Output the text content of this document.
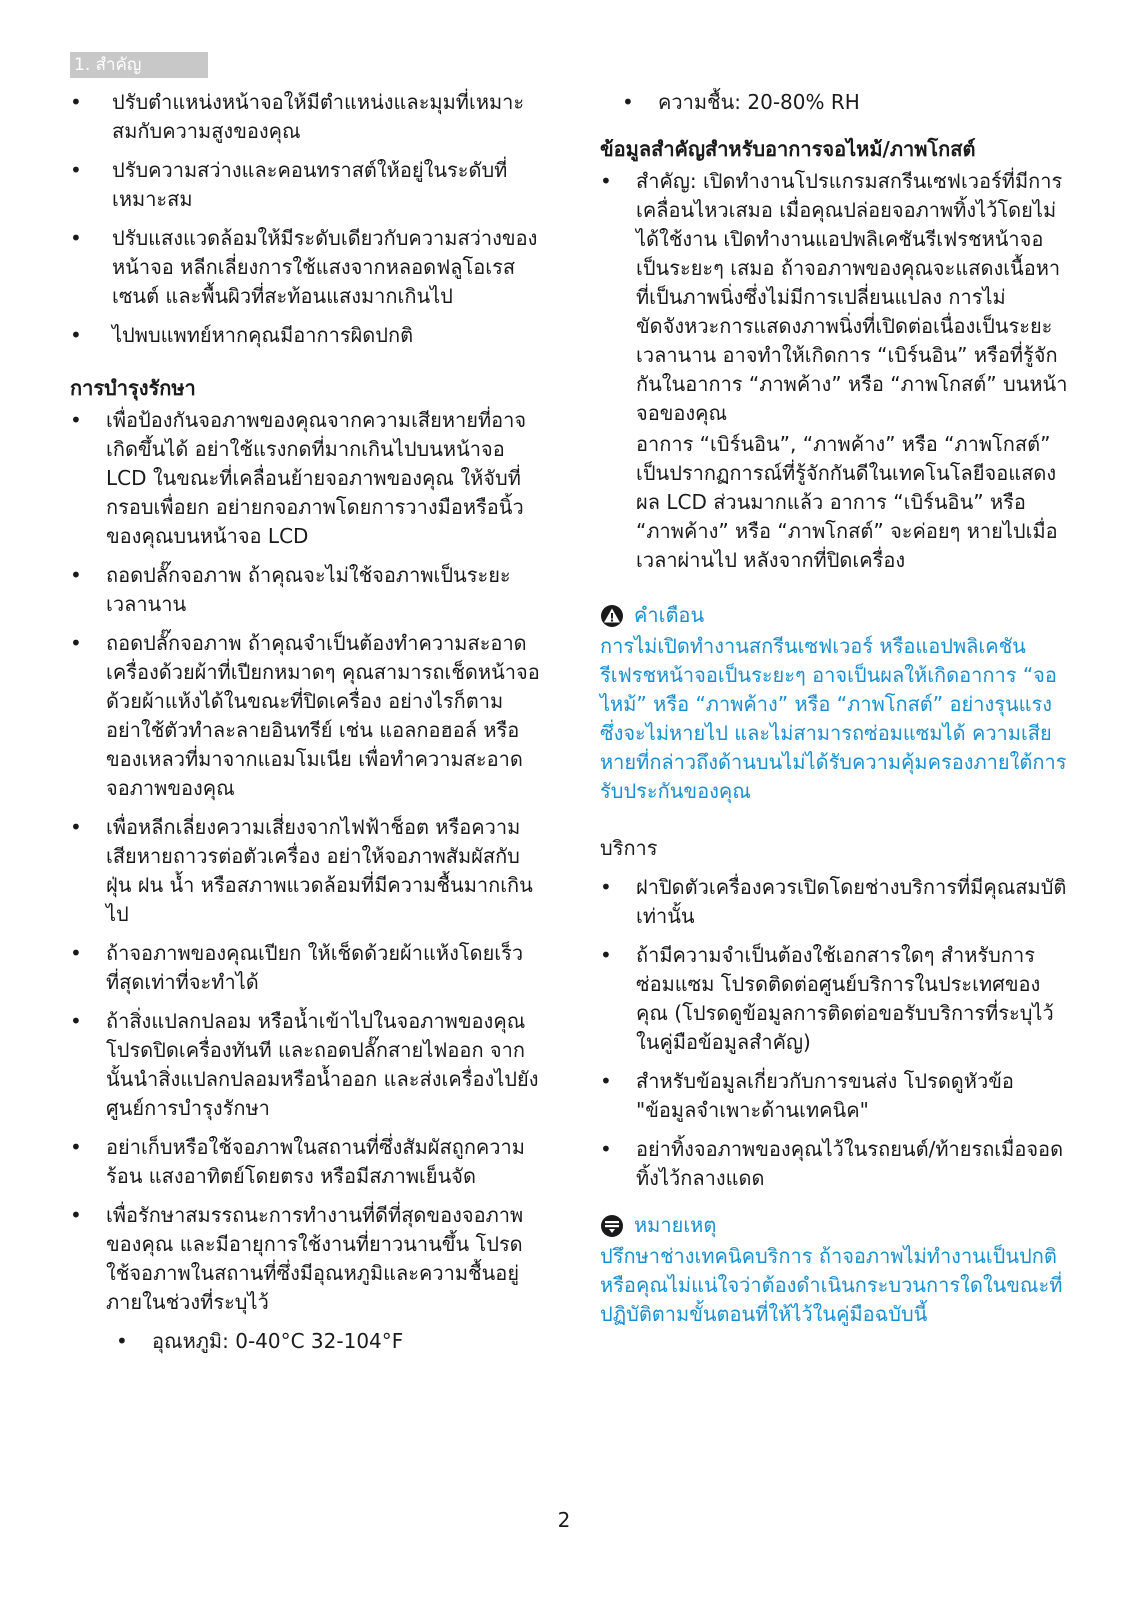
1. สำคัญ
• ปรับตำแหน่งหน้าจอให้มีตำแหน่งและมุมที่เหมาะสมกับความสูงของคุณ
• ปรับความสว่างและคอนทราสต์ให้อยู่ในระดับที่เหมาะสม
• ปรับแสงแวดล้อมให้มีระดับเดียวกับความสว่างของหน้าจอ หลีกเลี่ยงการใช้แสงจากหลอดฟลูโอเรสเซนต์ และพื้นผิวที่สะท้อนแสงมากเกินไป
• ไปพบแพทย์หากคุณมีอาการผิดปกติ
การบำรุงรักษา
• เพื่อป้องกันจอภาพของคุณจากความเสียหายที่อาจเกิดขึ้นได้ อย่าใช้แรงกดที่มากเกินไปบนหน้าจอ LCD ในขณะที่เคลื่อนย้ายจอภาพของคุณ ให้จับที่กรอบเพื่อยก อย่ายกจอภาพโดยการวางมือหรือนิ้วของคุณบนหน้าจอ LCD
• ถอดปลั๊กจอภาพ ถ้าคุณจะไม่ใช้จอภาพเป็นระยะเวลานาน
• ถอดปลั๊กจอภาพ ถ้าคุณจำเป็นต้องทำความสะอาดเครื่องด้วยผ้าที่เปียกหมาดๆ คุณสามารถเช็ดหน้าจอด้วยผ้าแห้งได้ในขณะที่ปิดเครื่อง อย่างไรก็ตาม อย่าใช้ตัวทำละลายอินทรีย์ เช่น แอลกอฮอล์ หรือของเหลวที่มาจากแอมโมเนีย เพื่อทำความสะอาดจอภาพของคุณ
• เพื่อหลีกเลี่ยงความเสี่ยงจากไฟฟ้าช็อต หรือความเสียหายถาวรต่อตัวเครื่อง อย่าให้จอภาพสัมผัสกับฝุ่น ฝน น้ำ หรือสภาพแวดล้อมที่มีความชื้นมากเกินไป
• ถ้าจอภาพของคุณเปียก ให้เช็ดด้วยผ้าแห้งโดยเร็วที่สุดเท่าที่จะทำได้
• ถ้าสิ่งแปลกปลอม หรือน้ำเข้าไปในจอภาพของคุณ โปรดปิดเครื่องทันที และถอดปลั๊กสายไฟออก จากนั้นนำสิ่งแปลกปลอมหรือน้ำออก และส่งเครื่องไปยังศูนย์การบำรุงรักษา
• อย่าเก็บหรือใช้จอภาพในสถานที่ซึ่งสัมผัสถูกความร้อน แสงอาทิตย์โดยตรง หรือมีสภาพเย็นจัด
• เพื่อรักษาสมรรถนะการทำงานที่ดีที่สุดของจอภาพของคุณ และมีอายุการใช้งานที่ยาวนานขึ้น โปรดใช้จอภาพในสถานที่ซึ่งมีอุณหภูมิและความชื้นอยู่ภายในช่วงที่ระบุไว้
• อุณหภูมิ: 0-40°C 32-104°F
• ความชื้น: 20-80% RH
ข้อมูลสำคัญสำหรับอาการจอไหม้/ภาพโกสต์
• สำคัญ: เปิดทำงานโปรแกรมสกรีนเซฟเวอร์ที่มีการเคลื่อนไหวเสมอ เมื่อคุณปล่อยจอภาพทิ้งไว้โดยไม่ได้ใช้งาน เปิดทำงานแอปพลิเคชันรีเฟรชหน้าจอเป็นระยะๆ เสมอ ถ้าจอภาพของคุณจะแสดงเนื้อหาที่เป็นภาพนิ่งซึ่งไม่มีการเปลี่ยนแปลง การไม่ขัดจังหวะการแสดงภาพนิ่งที่เปิดต่อเนื่องเป็นระยะเวลานาน อาจทำให้เกิดการ “เบิร์นอิน” หรือที่รู้จักกันในอาการ “ภาพค้าง” หรือ “ภาพโกสต์” บนหน้าจอของคุณ
อาการ “เบิร์นอิน”, “ภาพค้าง” หรือ “ภาพโกสต์” เป็นปรากฏการณ์ที่รู้จักกันดีในเทคโนโลยีจอแสดงผล LCD ส่วนมากแล้ว อาการ “เบิร์นอิน” หรือ “ภาพค้าง” หรือ “ภาพโกสต์” จะค่อยๆ หายไปเมื่อเวลาผ่านไป หลังจากที่ปิดเครื่อง
คำเตือน
การไม่เปิดทำงานสกรีนเซฟเวอร์ หรือแอปพลิเคชันรีเฟรชหน้าจอเป็นระยะๆ อาจเป็นผลให้เกิดอาการ “จอไหม้” หรือ “ภาพค้าง” หรือ “ภาพโกสต์” อย่างรุนแรง ซึ่งจะไม่หายไป และไม่สามารถซ่อมแซมได้ ความเสียหายที่กล่าวถึงด้านบนไม่ได้รับความคุ้มครองภายใต้การรับประกันของคุณ
บริการ
• ฝาปิดตัวเครื่องควรเปิดโดยช่างบริการที่มีคุณสมบัติเท่านั้น
• ถ้ามีความจำเป็นต้องใช้เอกสารใดๆ สำหรับการซ่อมแซม โปรดติดต่อศูนย์บริการในประเทศของคุณ (โปรดดูข้อมูลการติดต่อขอรับบริการที่ระบุไว้ในคู่มือข้อมูลสำคัญ)
• สำหรับข้อมูลเกี่ยวกับการขนส่ง โปรดดูหัวข้อ "ข้อมูลจำเพาะด้านเทคนิค"
• อย่าทิ้งจอภาพของคุณไว้ในรถยนต์/ท้ายรถเมื่อจอดทิ้งไว้กลางแดด
หมายเหตุ
ปรึกษาช่างเทคนิคบริการ ถ้าจอภาพไม่ทำงานเป็นปกติ หรือคุณไม่แน่ใจว่าต้องดำเนินกระบวนการใดในขณะที่ปฏิบัติตามขั้นตอนที่ให้ไว้ในคู่มือฉบับนี้
2
